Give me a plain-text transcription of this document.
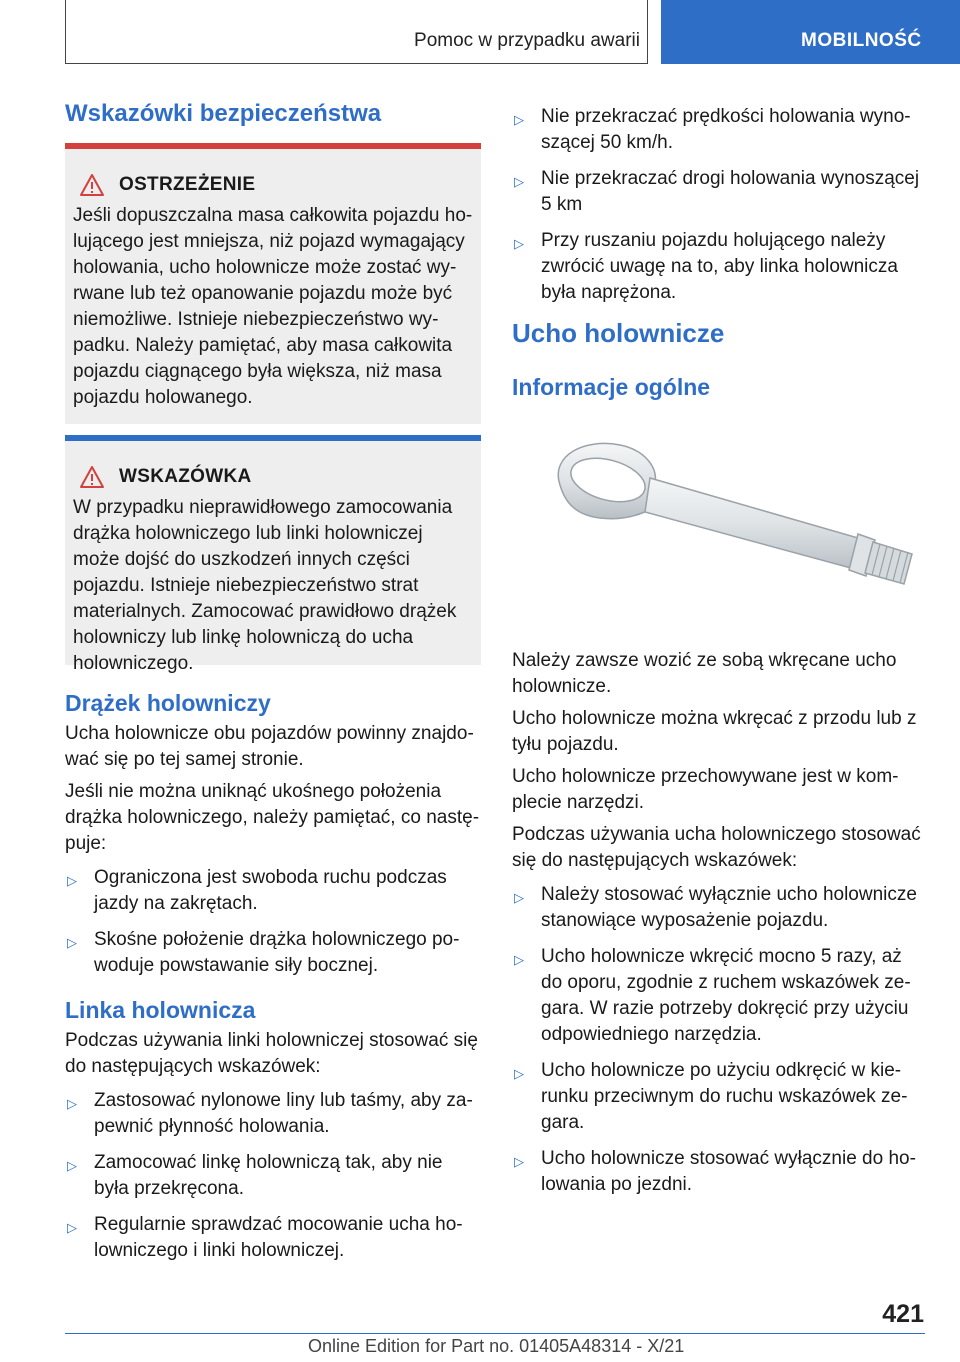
Pomoc w przypadku awarii	MOBILNOŚĆ
Wskazówki bezpieczeństwa
OSTRZEŻENIE
Jeśli dopuszczalna masa całkowita pojazdu holującego jest mniejsza, niż pojazd wymagający holowania, ucho holownicze może zostać wyrwane lub też opanowanie pojazdu może być niemożliwe. Istnieje niebezpieczeństwo wypadku. Należy pamiętać, aby masa całkowita pojazdu ciągnącego była większa, niż masa pojazdu holowanego.
WSKAZÓWKA
W przypadku nieprawidłowego zamocowania drążka holowniczego lub linki holowniczej może dojść do uszkodzeń innych części pojazdu. Istnieje niebezpieczeństwo strat materialnych. Zamocować prawidłowo drążek holowniczy lub linkę holowniczą do ucha holowniczego.
Drążek holowniczy

Ucha holownicze obu pojazdów powinny znajdować się po tej samej stronie.

Jeśli nie można uniknąć ukośnego położenia drążka holowniczego, należy pamiętać, co następuje:

▷ Ograniczona jest swoboda ruchu podczas jazdy na zakrętach.
▷ Skośne położenie drążka holowniczego powoduje powstawanie siły bocznej.
Linka holownicza

Podczas używania linki holowniczej stosować się do następujących wskazówek:

▷ Zastosować nylonowe liny lub taśmy, aby zapewnić płynność holowania.
▷ Zamocować linkę holowniczą tak, aby nie była przekręcona.
▷ Regularnie sprawdzać mocowanie ucha holowniczego i linki holowniczej.
▷ Nie przekraczać prędkości holowania wynoszącej 50 km/h.
▷ Nie przekraczać drogi holowania wynoszącej 5 km
▷ Przy ruszaniu pojazdu holującego należy zwrócić uwagę na to, aby linka holownicza była naprężona.
Ucho holownicze
Informacje ogólne

Należy zawsze wozić ze sobą wkręcane ucho holownicze.

Ucho holownicze można wkręcać z przodu lub z tyłu pojazdu.

Ucho holownicze przechowywane jest w komplecie narzędzi.

Podczas używania ucha holowniczego stosować się do następujących wskazówek:

▷ Należy stosować wyłącznie ucho holownicze stanowiące wyposażenie pojazdu.
▷ Ucho holownicze wkręcić mocno 5 razy, aż do oporu, zgodnie z ruchem wskazówek zegara. W razie potrzeby dokręcić przy użyciu odpowiedniego narzędzia.
▷ Ucho holownicze po użyciu odkręcić w kierunku przeciwnym do ruchu wskazówek zegara.
▷ Ucho holownicze stosować wyłącznie do holowania po jezdni.
421
Online Edition for Part no. 01405A48314 - X/21
